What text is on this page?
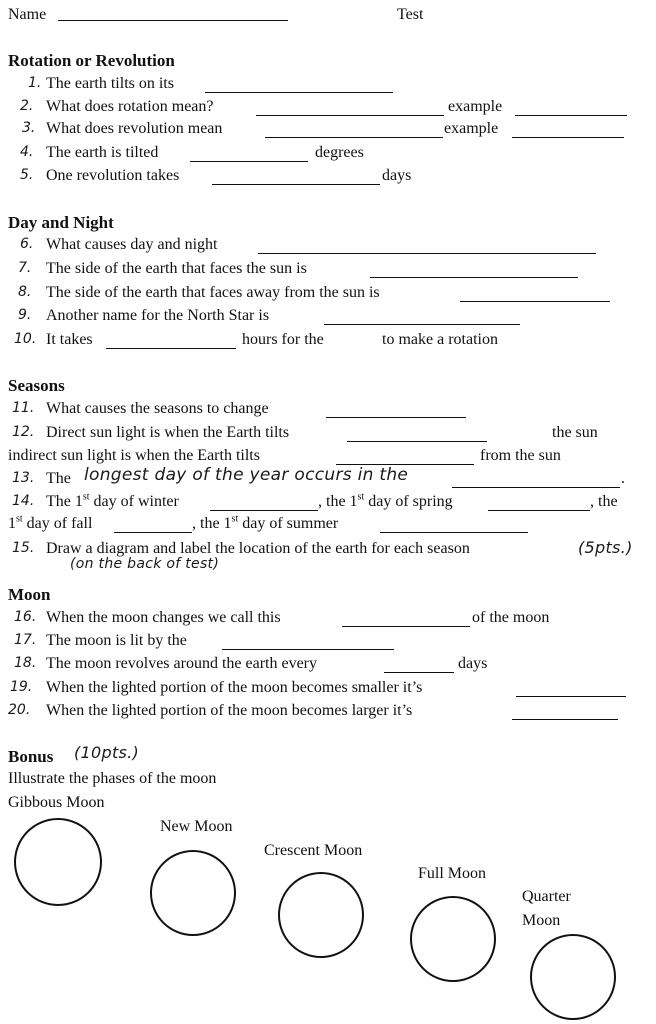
Name	Test
Rotation or Revolution
1. The earth tilts on its
2. What does rotation mean?	example
3. What does revolution mean	example
4. The earth is tilted	degrees
5. One revolution takes	days
Day and Night
6. What causes day and night
7. The side of the earth that faces the sun is
8. The side of the earth that faces away from the sun is
9. Another name for the North Star is
10. It takes	hours for the	to make a rotation
Seasons
11. What causes the seasons to change
12. Direct sun light is when the Earth tilts	the sun
indirect sun light is when the Earth tilts	from the sun
13. The longest day of the year occurs in the	.
14. The 1st day of winter	, the 1st day of spring	, the
1st day of fall	, the 1st day of summer
15. Draw a diagram and label the location of the earth for each season	(5pts.)
(on the back of test)
Moon
16. When the moon changes we call this	of the moon
17. The moon is lit by the
18. The moon revolves around the earth every	days
19. When the lighted portion of the moon becomes smaller it’s
20. When the lighted portion of the moon becomes larger it’s
Bonus (10pts.)
Illustrate the phases of the moon
Gibbous Moon
New Moon
Crescent Moon
Full Moon
Quarter
Moon
